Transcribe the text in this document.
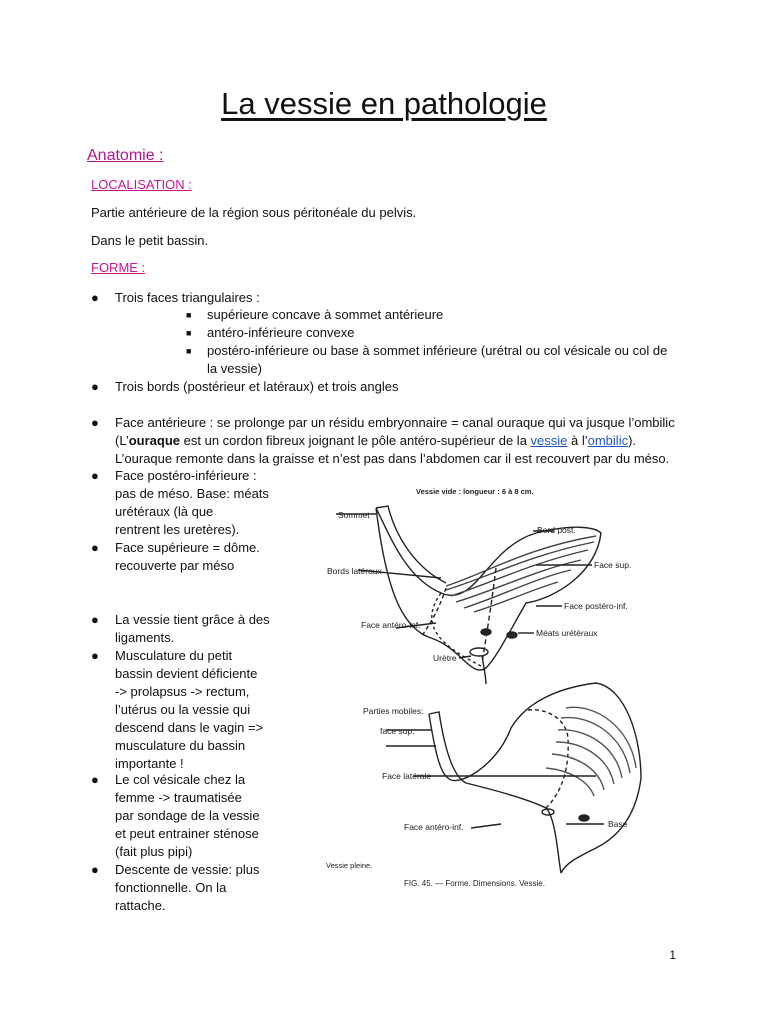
La vessie en pathologie
Anatomie :
LOCALISATION :
Partie antérieure de la région sous péritonéale du pelvis.
Dans le petit bassin.
FORME :
● Trois faces triangulaires :
■ supérieure concave à sommet antérieure
■ antéro-inférieure convexe
■ postéro-inférieure ou base à sommet inférieure (urétral ou col vésicale ou col de
la vessie)
● Trois bords (postérieur et latéraux) et trois angles
● Face antérieure : se prolonge par un résidu embryonnaire = canal ouraque qui va jusque l’ombilic
(L’ouraque est un cordon fibreux joignant le pôle antéro-supérieur de la vessie à l’ombilic).
L’ouraque remonte dans la graisse et n’est pas dans l’abdomen car il est recouvert par du méso.
● Face postéro-inférieure :
pas de méso. Base: méats
urétéraux (là que
rentrent les uretères).
● Face supérieure = dôme.
recouverte par méso
● La vessie tient grâce à des
ligaments.
● Musculature du petit
bassin devient déficiente
-> prolapsus -> rectum,
l’utérus ou la vessie qui
descend dans le vagin =>
musculature du bassin
importante !
● Le col vésicale chez la
femme -> traumatisée
par sondage de la vessie
et peut entrainer sténose
(fait plus pipi)
● Descente de vessie: plus
fonctionnelle. On la
rattache.
Vessie vide : longueur : 6 à 8 cm.
Sommet
Bord post.
Bords latéraux
Face sup.
Face postéro-inf.
Face antéro-inf.
Méats urétéraux
Urètre
Parties mobiles:
face sup.
Face latérale
Face antéro-inf.	Base
Vessie pleine.
FIG. 45. — Forme. Dimensions. Vessie.
1
